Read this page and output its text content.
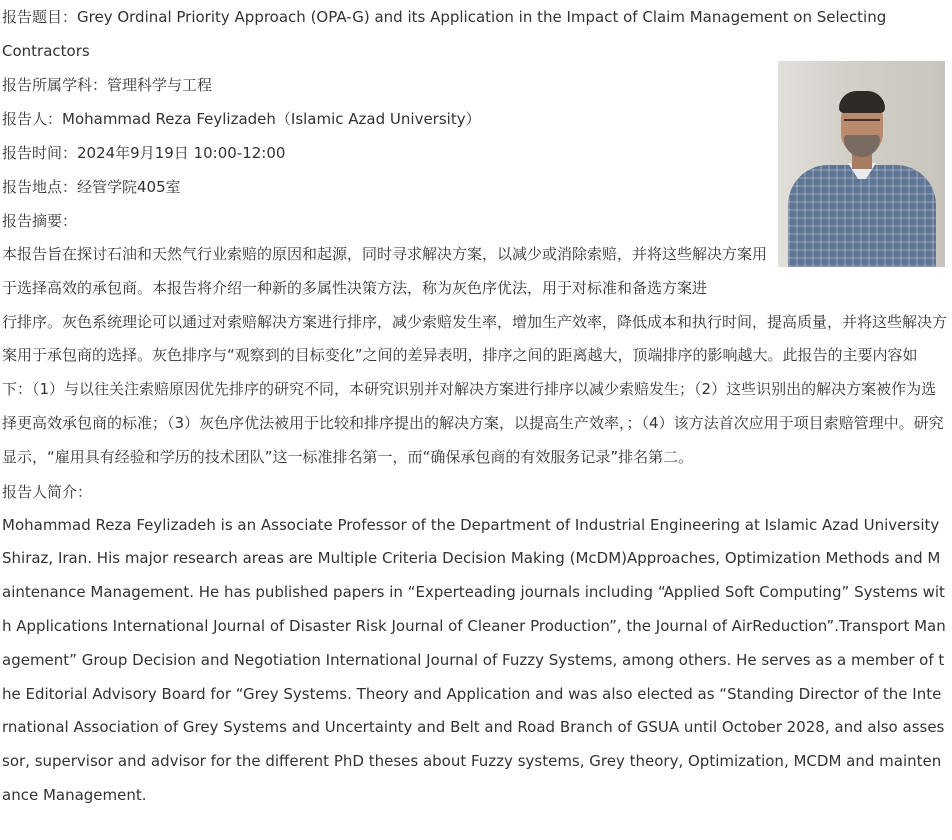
报告题目：Grey Ordinal Priority Approach (OPA-G) and its Application in the Impact of Claim Management on Selecting
Contractors
报告所属学科：管理科学与工程
报告人：Mohammad Reza Feylizadeh（Islamic Azad University）
报告时间：2024年9月19日 10:00-12:00
报告地点：经管学院405室
报告摘要：
本报告旨在探讨石油和天然气行业索赔的原因和起源，同时寻求解决方案，以减少或消除索赔，并将这些解决方案用于选择高效的承包商。本报告将介绍一种新的多属性决策方法，称为灰色序优法，用于对标准和备选方案进
行排序。灰色系统理论可以通过对索赔解决方案进行排序，减少索赔发生率，增加生产效率，降低成本和执行时间，提高质量，并将这些解决方案用于承包商的选择。灰色排序与“观察到的目标变化”之间的差异表明，排序之间的距离越大，顶端排序的影响越大。此报告的主要内容如下：（1）与以往关注索赔原因优先排序的研究不同，本研究识别并对解决方案进行排序以减少索赔发生；（2）这些识别出的解决方案被作为选择更高效承包商的标准；（3）灰色序优法被用于比较和排序提出的解决方案，以提高生产效率，；（4）该方法首次应用于项目索赔管理中。研究显示，“雇用具有经验和学历的技术团队”这一标准排名第一，而“确保承包商的有效服务记录”排名第二。
报告人简介：
Mohammad Reza Feylizadeh is an Associate Professor of the Department of Industrial Engineering at Islamic Azad University Shiraz, Iran. His major research areas are Multiple Criteria Decision Making (McDM)Approaches, Optimization Methods and Maintenance Management. He has published papers in “Experteading journals including “Applied Soft Computing” Systems with Applications International Journal of Disaster Risk Journal of Cleaner Production”, the Journal of AirReduction”.Transport Management” Group Decision and Negotiation International Journal of Fuzzy Systems, among others. He serves as a member of the Editorial Advisory Board for “Grey Systems. Theory and Application and was also elected as “Standing Director of the International Association of Grey Systems and Uncertainty and Belt and Road Branch of GSUA until October 2028, and also assessor, supervisor and advisor for the different PhD theses about Fuzzy systems, Grey theory, Optimization, MCDM and maintenance Management.
